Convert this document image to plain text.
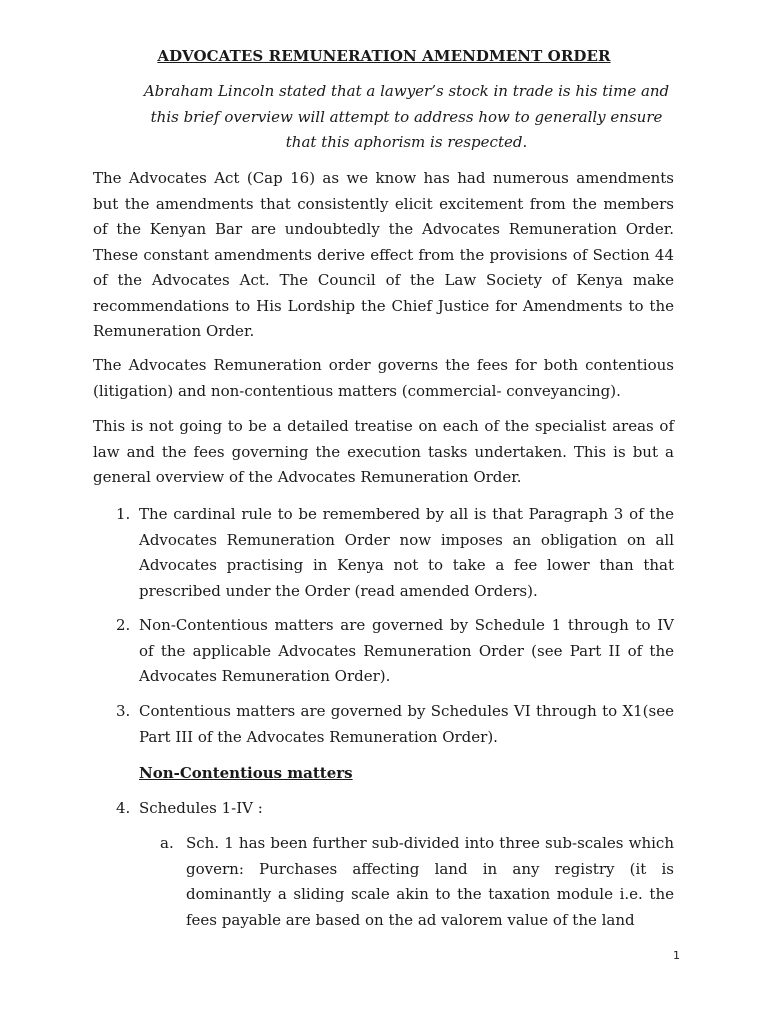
ADVOCATES REMUNERATION AMENDMENT ORDER
Abraham Lincoln stated that a lawyer’s stock in trade is his time and this brief overview will attempt to address how to generally ensure that this aphorism is respected.
The Advocates Act (Cap 16) as we know has had numerous amendments but the amendments that consistently elicit excitement from the members of the Kenyan Bar are undoubtedly the Advocates Remuneration Order. These constant amendments derive effect from the provisions of Section 44 of the Advocates Act. The Council of the Law Society of Kenya make recommendations to His Lordship the Chief Justice for Amendments to the Remuneration Order.
The Advocates Remuneration order governs the fees for both contentious (litigation) and non-contentious matters (commercial- conveyancing).
This is not going to be a detailed treatise on each of the specialist areas of law and the fees governing the execution tasks undertaken. This is but a general overview of the Advocates Remuneration Order.
1. The cardinal rule to be remembered by all is that Paragraph 3 of the Advocates Remuneration Order now imposes an obligation on all Advocates practising in Kenya not to take a fee lower than that prescribed under the Order (read amended Orders).
2. Non-Contentious matters are governed by Schedule 1 through to IV of the applicable Advocates Remuneration Order (see Part II of the Advocates Remuneration Order).
3. Contentious matters are governed by Schedules VI through to X1(see Part III of the Advocates Remuneration Order).
Non-Contentious matters
4. Schedules 1-IV :
a. Sch. 1 has been further sub-divided into three sub-scales which govern: Purchases affecting land in any registry (it is dominantly a sliding scale akin to the taxation module i.e. the fees payable are based on the ad valorem value of the land
1
